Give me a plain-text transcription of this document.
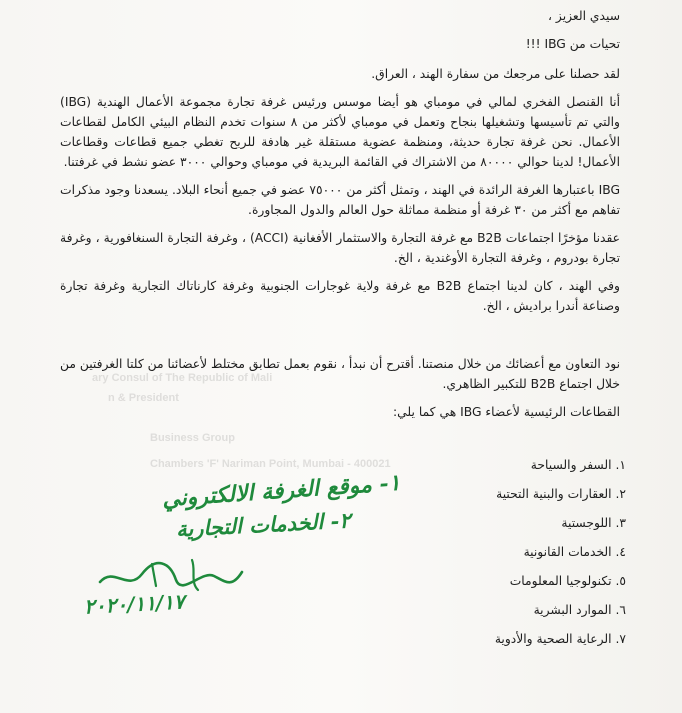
ary Consul of The Republic of Mali
n & President
Business Group
Chambers 'F' Nariman Point, Mumbai - 400021
سيدي العزيز ،
تحيات من IBG !!!
لقد حصلنا على مرجعك من سفارة الهند ، العراق.
أنا القنصل الفخري لمالي في مومباي هو أيضا موسس ورئيس غرفة تجارة مجموعة الأعمال الهندية (IBG) والتي تم تأسيسها وتشغيلها بنجاح وتعمل في مومباي لأكثر من ٨ سنوات تخدم النظام البيئي الكامل لقطاعات الأعمال. نحن غرفة تجارة حديثة، ومنظمة عضوية مستقلة غير هادفة للربح تغطي جميع قطاعات وقطاعات الأعمال! لدينا حوالي ٨٠٠٠٠ من الاشتراك في القائمة البريدية في مومباي وحوالي ٣٠٠٠ عضو نشط في غرفتنا.
IBG باعتبارها الغرفة الرائدة في الهند ، وتمثل أكثر من ٧٥٠٠٠ عضو في جميع أنحاء البلاد. يسعدنا وجود مذكرات تفاهم مع أكثر من ٣٠ غرفة أو منظمة مماثلة حول العالم والدول المجاورة.
عقدنا مؤخرًا اجتماعات B2B مع غرفة التجارة والاستثمار الأفغانية (ACCI) ، وغرفة التجارة السنغافورية ، وغرفة تجارة بودروم ، وغرفة التجارة الأوغندية ، الخ.
وفي الهند ، كان لدينا اجتماع B2B مع غرفة ولاية غوجارات الجنوبية وغرفة كارناتاك التجارية وغرفة تجارة وصناعة أندرا براديش ، الخ.
نود التعاون مع أعضائك من خلال منصتنا. أقترح أن نبدأ ، نقوم بعمل تطابق مختلط لأعضائنا من كلتا الغرفتين من خلال اجتماع B2B للتكبير الظاهري.
القطاعات الرئيسية لأعضاء IBG هي كما يلي:
١. السفر والسياحة
٢. العقارات والبنية التحتية
٣. اللوجستية
٤. الخدمات القانونية
٥. تكنولوجيا المعلومات
٦. الموارد البشرية
٧. الرعاية الصحية والأدوية
١- موقع الغرفة الالكتروني
٢- الخدمات التجارية
٢٠٢٠/١١/١٧
